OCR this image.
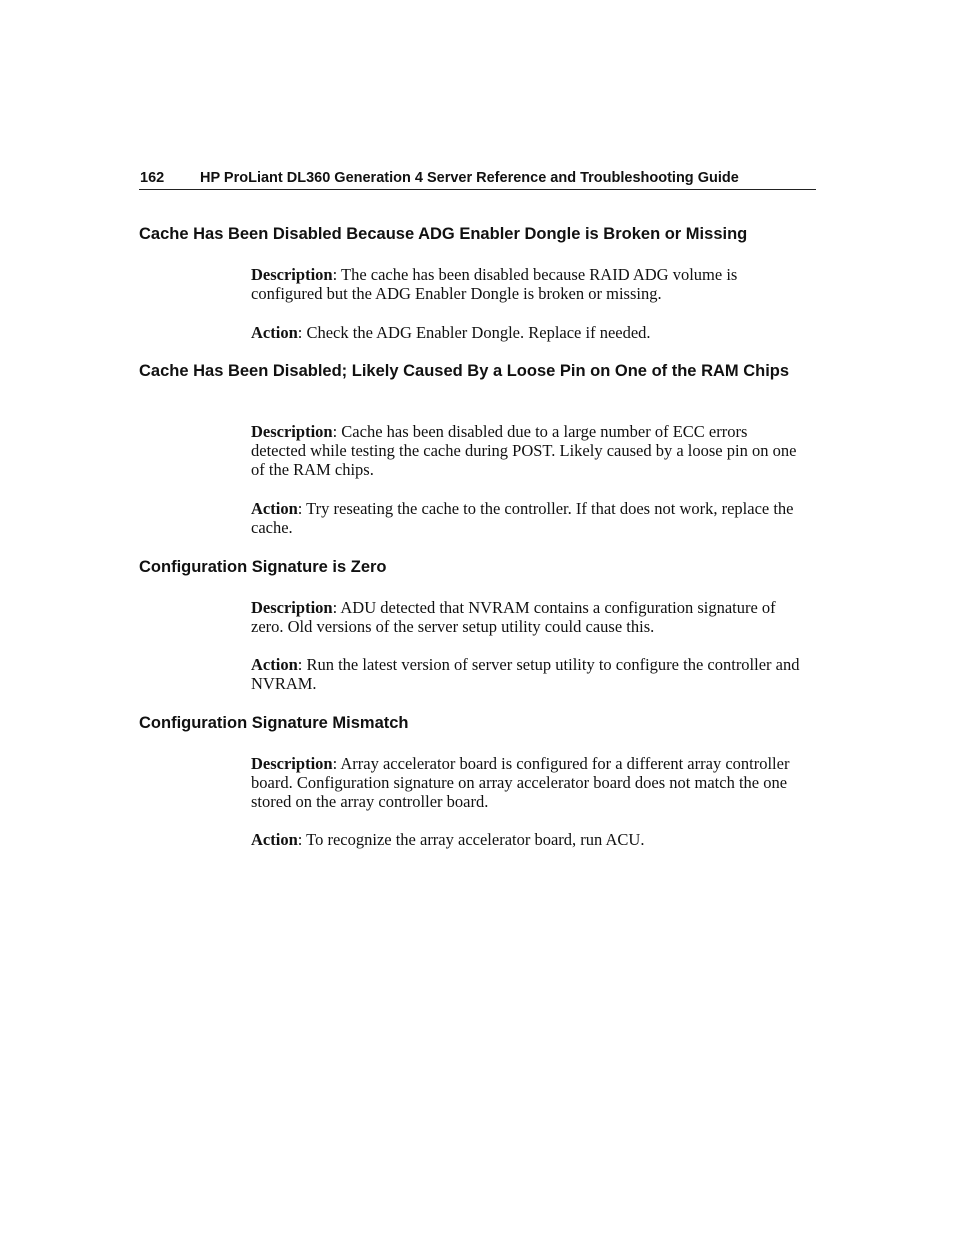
162 HP ProLiant DL360 Generation 4 Server Reference and Troubleshooting Guide
Cache Has Been Disabled Because ADG Enabler Dongle is Broken or Missing

Description: The cache has been disabled because RAID ADG volume is configured but the ADG Enabler Dongle is broken or missing.

Action: Check the ADG Enabler Dongle. Replace if needed.

Cache Has Been Disabled; Likely Caused By a Loose Pin on One of the RAM Chips

Description: Cache has been disabled due to a large number of ECC errors detected while testing the cache during POST. Likely caused by a loose pin on one of the RAM chips.

Action: Try reseating the cache to the controller. If that does not work, replace the cache.

Configuration Signature is Zero

Description: ADU detected that NVRAM contains a configuration signature of zero. Old versions of the server setup utility could cause this.

Action: Run the latest version of server setup utility to configure the controller and NVRAM.

Configuration Signature Mismatch

Description: Array accelerator board is configured for a different array controller board. Configuration signature on array accelerator board does not match the one stored on the array controller board.

Action: To recognize the array accelerator board, run ACU.
